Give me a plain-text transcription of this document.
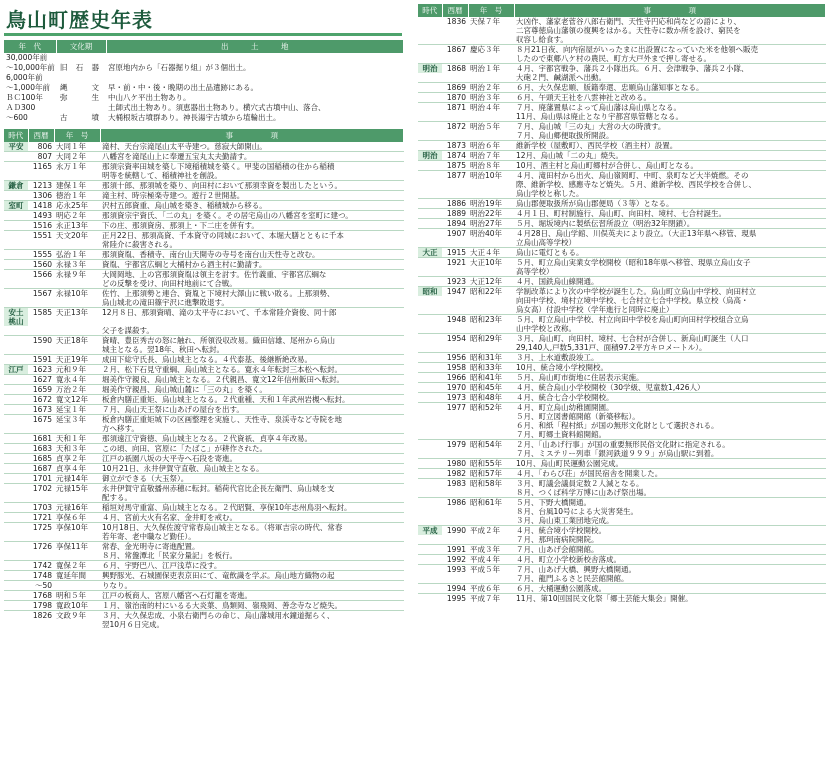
鳥山町歴史年表
年　代	文化期	出　　　土　　　地
30,000年前		
〜10,000年前	旧 石 器	宮原地内から「石器掘り組」が３個出土。
6,000年前		
〜1,000年前	縄　　文	早・前・中・後・晩期の出土品遺跡にある。
ＢＣ100年	弥　　生	中山八ケ平出土物あり。
ＡＤ300		土師式出土物あり。須恵器出土物あり。横穴式古墳中山、落合、
〜600	古　　墳	大桶根坂古墳群あり。神長湯宇古墳から埴輪出土。
時代	西暦	年　号	事　　　　　項
平安	806	大同１年	滝村、天台宗滝尾山太平寺建つ。慈寂大師開山。
	807	大同２年	八幡宮を滝尾山上に奉遷五宝丸太夫勤請す。
	1165	永万１年	那須宗資率田城を築し下境稲積城を築く。甲斐の国稲積の住から稲積
			明等を統轄して、稲積神社を創設。
鎌倉	1213	建保１年	那須十郎、那須城を築り、向田村において那須幸資を製出したという。
	1306	徳治１年	滝主村、時宗極楽寺建つ。遊行２世開基。
室町	1418	応永25年	沢村五郎資重、烏山城を築き、稲積城から移る。
	1493	明応２年	那須資宗宇資氏、「二の丸」を築く。その居宅烏山の八幡宮を室町に建つ。
	1516	永正13年	下の庄、那須資房、那須上・下二庄を併有す。
	1551	天文20年	正月22日、那須高資、千本資守の同城において、本堀大膳とともに千本
			常陸介に殺害される。
	1555	弘治１年	那須資胤、香積寺、南台山天開寺の寺号を南台山天性寺と改む。
	1560	永禄３年	資胤、宇都宮広綱と大桶村から酒主村に勤請す。
	1566	永禄９年	大岡岡地、上の宮那須資胤は領主を討す。佐竹義重、宇都宮広綱な
			どの反撃を受け、向田村地前にて合戦。
	1567	永禄10年	佐竹、上那須勢と連合、資胤と下境村大澤山に戦い敗る。上那須勢、
			烏山城北の滝田篠宇沢に進撃敗退す。
安土
桃山	1585	天正13年	12月８日、那須資晴、滝の太平寺において、千本常陸介資俊、同十郎
			父子を謀殺す。
	1590	天正18年	資晴、豊臣秀吉の怒に触れ、所領没収改易。織田信雄、尾州から烏山
			城主となる。翌18年、秋田へ転封。
	1591	天正19年	成田下総守氏長、烏山城主となる。４代泰基、後継断絶改易。
江戸	1623	元和９年	２月、松下石見守重綱、烏山城主となる。寛永４年転封三本松へ転封。
	1627	寛永４年	堀美作守親良、烏山城主となる。２代親昌、寛文12年信州飯田へ転封。
	1659	万治２年	堀美作守親昌、烏山城山麓に「三の丸」を築く。
	1672	寛文12年	板倉内膳正重矩、烏山城主となる。２代重種、天和１年武州岩槻へ転封。
	1673	延宝１年	７月、烏山天王祭に山あげの屋台を出す。
	1675	延宝３年	板倉内膳正重矩城下の区画整理を実施し、天性寺、泉渓寺など寺院を地
			方へ移す。
	1681	天和１年	那須遠江守資徳、烏山城主となる。２代資祇、貞享４年改易。
	1683	天和３年	この頃、向田、宮原に「たばこ」が耕作された。
	1685	貞享２年	江戸の祇園八坂の大平寺へ石段を寄進。
	1687	貞享４年	10月21日、永井伊賀守直敬、烏山城主となる。
	1701	元禄14年	御立ができる（大玉祭）。
	1702	元禄15年	永井伊賀守直敬播州赤穂に転封。稲荷代官比企長左衛門、烏山城を支
			配する。
	1703	元禄16年	稲垣対馬守重富、烏山城主となる。２代昭賢、享保10年志州鳥羽へ転封。
	1721	享保６年	４月、宮前大火有名家、金井町を戒む。
	1725	享保10年	10月18日、大久保佐渡守常春烏山城主となる。（将軍吉宗の時代、常春
			若年寄、老中職など勤任）。
	1726	享保11年	常春、金光明寺に寄進配置。
			８月、常盤潭北「民家分量記」を板行。
	1742	寛保２年	６月、宇野巴八、江戸浅草に没す。
	1748	寛延年間	興野豚光、石城園保吏表京田にて、竜飲識を学ぶ。烏山地方織物の起
	〜50		りなり。
	1768	明和５年	江戸の板商人、宮原八幡宮へ石灯籠を寄進。
	1798	寛政10年	１月、嶺治南的村にいるる大炎葉、鳥類岡、嶺飛岡、善念寺など焼失。
	1826	文政９年	３月、大久保忠成、小泉右衛門らの命じ、烏山藩城用水鐘道掘らく、
			翌10月６日完成。
時代	西暦	年　号	事　　　　　項
	1836	天保７年	大凶作、藩家老菅谷八郎右衛門、天性寺円応和尚などの語により、
			二宮尊徳烏山藩領の復興をはかる。天性寺に数か所を設け、窮民を
			収容し給食す。
	1867	慶応３年	８月21日夜、向内宿屋がいったまに出設置になっていた米を他領へ販売
			したので東郷八ケ村の農民、町方大戸外まで押し寄せる。
明治	1868	明治１年	４月、宇都宮戦争、藩兵２小隊出兵。６月、会津戦争、藩兵２小隊、
			大砲２門、鹹湖派へ出動。
	1869	明治２年	６月、大久保忠順、版籍奉還、忠順烏山藩知事となる。
	1870	明治３年	６月、午頭天王社を八雲神社と改める。
	1871	明治４年	７月、廃藩置県によって烏山藩は烏山県となる。
			11月、烏山県は廃止となり宇都宮県管轄となる。
	1872	明治５年	７月、烏山城「三の丸」大営の大の時潰す。
			７月、烏山郷便取扱所開設。
	1873	明治６年	維新学校（屋敷町）、西民学校（酒主村）設置。
明治	1874	明治７年	12月、烏山城「二の丸」焼失。
	1875	明治８年	10月、酒主村と烏山町郷村が合併し、烏山町となる。
	1877	明治10年	４月、滝田村から出火、烏山嶺岡町、中町、泉町など大半焼燃。その
			際、維新学校、感應寺など焼失。５月、維新学校、西民学校を合併し、
			烏山学校と称した。
	1886	明治19年	烏山郡便取扱所が烏山郡便局（３等）となる。
	1889	明治22年	４月１日、町村制施行、烏山町、向田村、境村、七合村誕生。
	1894	明治27年	５月、堀坂境内に製紙伝習所設立（明治32年閉鎖）。
	1907	明治40年	４月28日、烏山学館、川俣英夫により設立。（大正13年県へ移管、現県
			立烏山高等学校）
大正	1915	大正４年	烏山に電灯ともる。
	1921	大正10年	５月、町立烏山実業女学校開校（昭和18年県へ移管、現県立烏山女子
			高等学校）
	1923	大正12年	４月、国鉄烏山線開通。
昭和	1947	昭和22年	学制改革により次の中学校が誕生した。烏山町立烏山中学校、向田村立
			向田中学校、境村立境中学校、七合村立七合中学校。県立校（烏高・
			烏女高）付設中学校（学年進行と同時に廃止）
	1948	昭和23年	５月、町立烏山中学校、村立向田中学校を烏山町向田村学校組合立烏
			山中学校と改称。
	1954	昭和29年	３月、烏山町、向田村、境村、七合村が合併し、新烏山町誕生（人口
			29,140人,戸数5,331戸、面積97.2平方キロメートル）。
	1956	昭和31年	３月、上水道敷設竣工。
	1958	昭和33年	10月、統合境小学校開校。
	1966	昭和41年	５月、烏山町市街地に住居表示実施。
	1970	昭和45年	４月、統合烏山小学校開校（30学級、児童数1,426人）
	1973	昭和48年	４月、統合七合小学校開校。
	1977	昭和52年	４月、町立烏山幼稚園開園。
			５月、町立図書館開館（新築移転）。
			６月、和紙「程村紙」が国の無形文化財として選択される。
			７月、町郷土資料館開館。
	1979	昭和54年	２月、「山あげ行事」が国の重要無形民俗文化財に指定される。
			７月、ミステリー列車「銀河鉄道９９９」が烏山駅に到着。
	1980	昭和55年	10月、烏山町民運動公園完成。
	1982	昭和57年	４月、「わらび荘」が国民宿舎を開業した。
	1983	昭和58年	３月、町議会議員定数２人減となる。
			８月、つくば科学万博に山あげ祭出場。
	1986	昭和61年	５月、下野大橋開通。
			８月、台風10号による大災害発生。
			３月、烏山東工業団地完成。
平成	1990	平成２年	４月、統合境小学校開校。
			７月、那珂南病院開院。
	1991	平成３年	７月、山あげ会館開館。
	1992	平成４年	４月、町立小学校新校舎落成。
	1993	平成５年	７月、山あげ大橋、興野大橋開通。
			７月、龍門ふるさと民芸館開館。
	1994	平成６年	６月、大桶運動公園落成。
	1995	平成７年	11月、第10回国民文化祭「郷土芸能大集会」開催。
